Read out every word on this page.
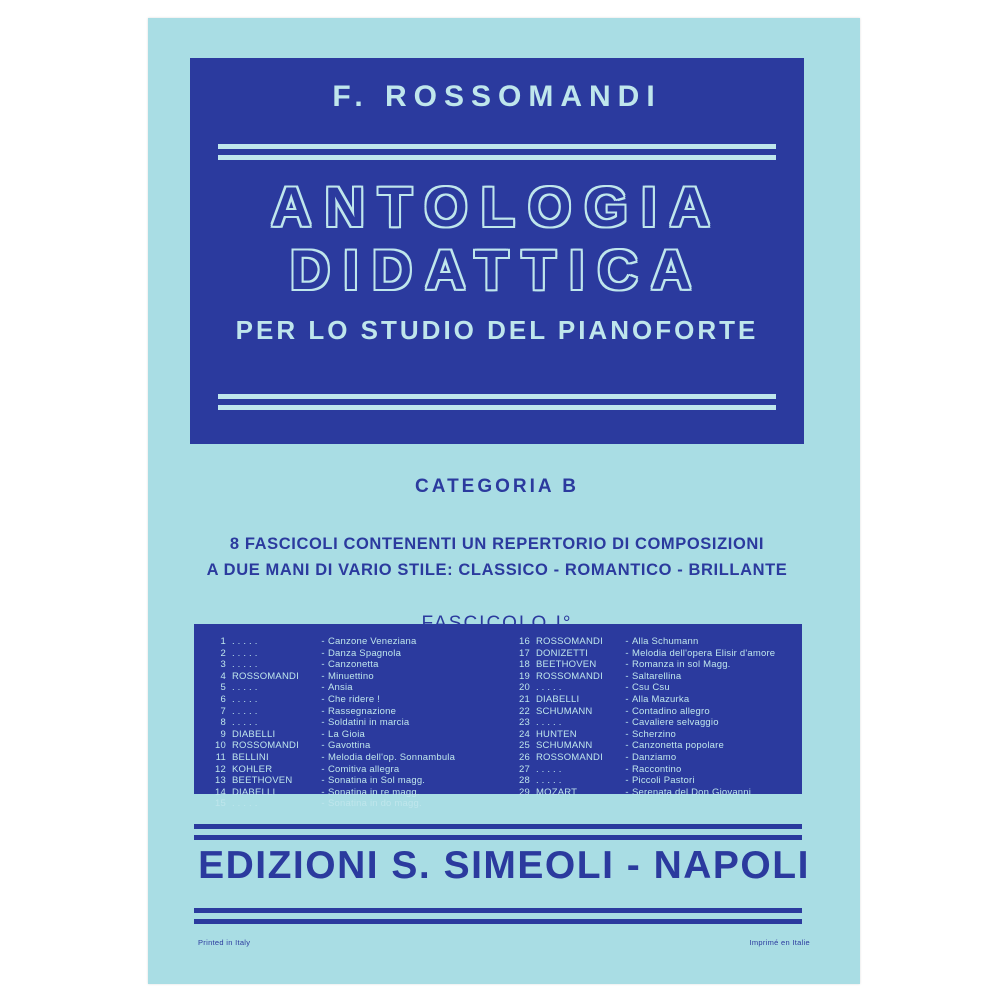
F. ROSSOMANDI
ANTOLOGIA
DIDATTICA
PER LO STUDIO DEL PIANOFORTE
CATEGORIA B
8 FASCICOLI CONTENENTI UN REPERTORIO DI COMPOSIZIONI
A DUE MANI DI VARIO STILE: CLASSICO - ROMANTICO - BRILLANTE
1 . . . . .	- Canzone Veneziana
2 . . . . .	- Danza Spagnola
3 . . . . .	- Canzonetta
4 ROSSOMANDI	- Minuettino
5 . . . . .	- Ansia
6 . . . . .	- Che ridere !
7 . . . . .	- Rassegnazione
8 . . . . .	- Soldatini in marcia
9 DIABELLI	- La Gioia
10 ROSSOMANDI	- Gavottina
11 BELLINI	- Melodia dell'op. Sonnambula
12 KOHLER	- Comitiva allegra
13 BEETHOVEN	- Sonatina in Sol magg.
14 DIABELLI	- Sonatina in re magg.
15 . . . . .	- Sonatina in do magg.
16 ROSSOMANDI	- Alla Schumann
17 DONIZETTI	- Melodia dell'opera Elisir d'amore
18 BEETHOVEN	- Romanza in sol Magg.
19 ROSSOMANDI	- Saltarellina
20 . . . . .	- Csu Csu
21 DIABELLI	- Alla Mazurka
22 SCHUMANN	- Contadino allegro
23 . . . . .	- Cavaliere selvaggio
24 HUNTEN	- Scherzino
25 SCHUMANN	- Canzonetta popolare
26 ROSSOMANDI	- Danziamo
27 . . . . .	- Raccontino
28 . . . . .	- Piccoli Pastori
29 MOZART	- Serenata del Don Giovanni
EDIZIONI S. SIMEOLI - NAPOLI
Printed in Italy	Imprimé en Italie
